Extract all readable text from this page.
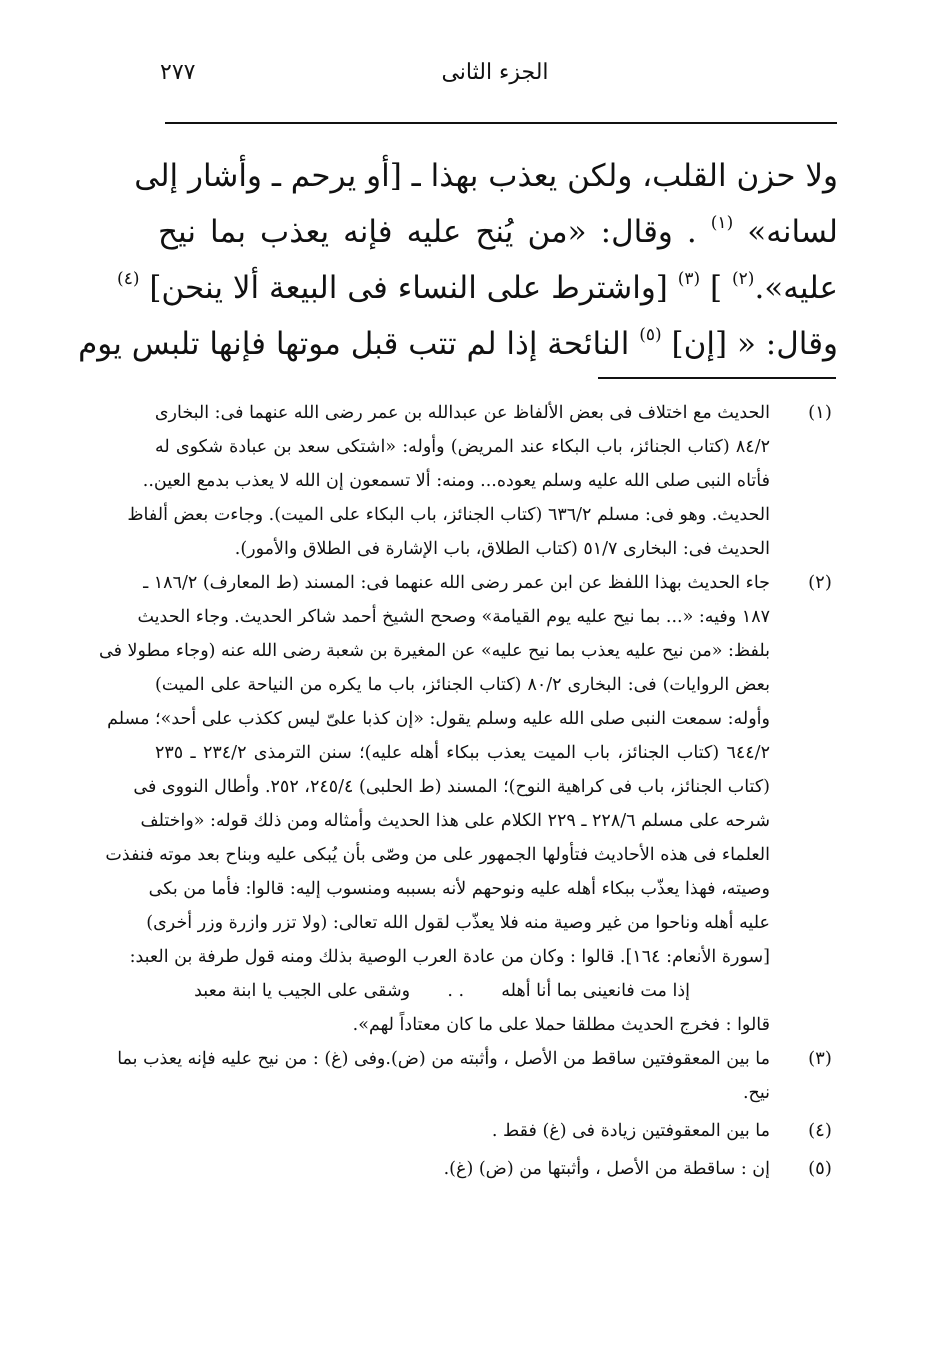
الجزء الثانى
٢٧٧
ولا حزن القلب، ولكن يعذب بهذا ـ [أو يرحم ـ وأشار إلى
لسانه» $^{(١)}$ . وقال: «من يُنح عليه فإنه يعذب بما نيح
عليه».$^{(٢)}$ ] $^{(٣)}$ [واشترط على النساء فى البيعة ألا ينحن] $^{(٤)}$
وقال: « [إن] $^{(٥)}$ النائحة إذا لم تتب قبل موتها فإنها تلبس يوم
(١)
الحديث مع اختلاف فى بعض الألفاظ عن عبدالله بن عمر رضى الله عنهما فى: البخارى
٨٤/٢ (كتاب الجنائز، باب البكاء عند المريض) وأوله: «اشتكى سعد بن عبادة شكوى له
فأتاه النبى صلى الله عليه وسلم يعوده... ومنه: ألا تسمعون إن الله لا يعذب بدمع العين..
الحديث. وهو فى: مسلم ٦٣٦/٢ (كتاب الجنائز، باب البكاء على الميت). وجاءت بعض ألفاظ
الحديث فى: البخارى ٥١/٧ (كتاب الطلاق، باب الإشارة فى الطلاق والأمور).
(٢)
جاء الحديث بهذا اللفظ عن ابن عمر رضى الله عنهما فى: المسند (ط المعارف) ١٨٦/٢ ـ
١٨٧ وفيه: «... بما نيح عليه يوم القيامة» وصحح الشيخ أحمد شاكر الحديث. وجاء الحديث
بلفظ: «من نيح عليه يعذب بما نيح عليه» عن المغيرة بن شعبة رضى الله عنه (وجاء مطولا فى
بعض الروايات) فى: البخارى ٨٠/٢ (كتاب الجنائز، باب ما يكره من النياحة على الميت)
وأوله: سمعت النبى صلى الله عليه وسلم يقول: «إن كذبا علىّ ليس ككذب على أحد»؛ مسلم
٦٤٤/٢ (كتاب الجنائز، باب الميت يعذب ببكاء أهله عليه)؛ سنن الترمذى ٢٣٤/٢ ـ ٢٣٥
(كتاب الجنائز، باب فى كراهية النوح)؛ المسند (ط الحلبى) ٢٤٥/٤، ٢٥٢. وأطال النووى فى
شرحه على مسلم ٢٢٨/٦ ـ ٢٢٩ الكلام على هذا الحديث وأمثاله ومن ذلك قوله: «واختلف
العلماء فى هذه الأحاديث فتأولها الجمهور على من وصّى بأن يُبكى عليه وبناح بعد موته فنفذت
وصيته، فهذا يعذّب ببكاء أهله عليه ونوحهم لأنه بسببه ومنسوب إليه: قالوا: فأما من بكى
عليه أهله وناحوا من غير وصية منه فلا يعذّب لقول الله تعالى: (ولا تزر وازرة وزر أخرى)
[سورة الأنعام: ١٦٤]. قالوا : وكان من عادة العرب الوصية بذلك ومنه قول طرفة بن العبد:
إذا مت فانعينى بما أنا أهله . . وشقى على الجيب يا ابنة معبد
قالوا : فخرج الحديث مطلقا حملا على ما كان معتاداً لهم».
(٣)
ما بين المعقوفتين ساقط من الأصل ، وأثبته من (ض).وفى (غ) : من نيح عليه فإنه يعذب بما
نيح.
(٤)
ما بين المعقوفتين زيادة فى (غ) فقط .
(٥)
إن : ساقطة من الأصل ، وأثبتها من (ض) (غ).
